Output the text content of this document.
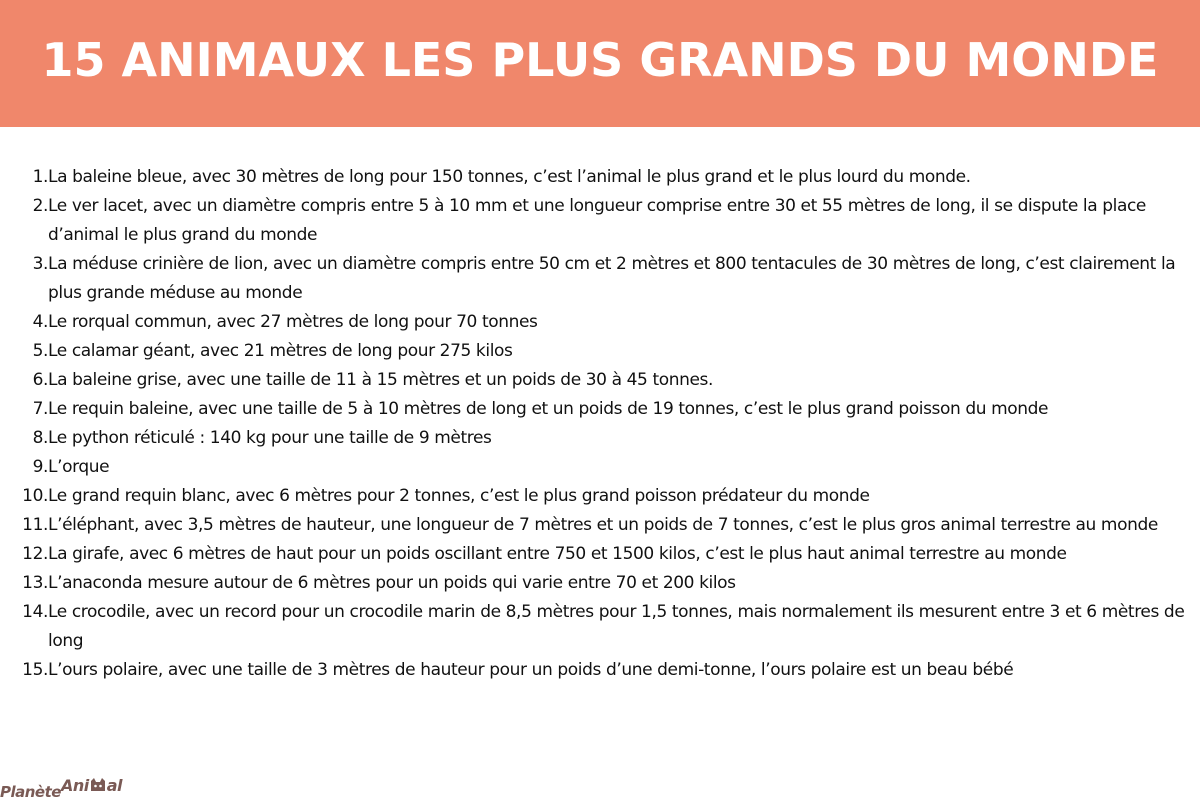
15 ANIMAUX LES PLUS GRANDS DU MONDE
1. La baleine bleue, avec 30 mètres de long pour 150 tonnes, c’est l’animal le plus grand et le plus lourd du monde.
2. Le ver lacet, avec un diamètre compris entre 5 à 10 mm et une longueur comprise entre 30 et 55 mètres de long, il se dispute la place d’animal le plus grand du monde
3. La méduse crinière de lion, avec un diamètre compris entre 50 cm et 2 mètres et 800 tentacules de 30 mètres de long, c’est clairement la plus grande méduse au monde
4. Le rorqual commun, avec 27 mètres de long pour 70 tonnes
5. Le calamar géant, avec 21 mètres de long pour 275 kilos
6. La baleine grise, avec une taille de 11 à 15 mètres et un poids de 30 à 45 tonnes.
7. Le requin baleine, avec une taille de 5 à 10 mètres de long et un poids de 19 tonnes, c’est le plus grand poisson du monde
8. Le python réticulé : 140 kg pour une taille de 9 mètres
9. L’orque
10. Le grand requin blanc, avec 6 mètres pour 2 tonnes, c’est le plus grand poisson prédateur du monde
11. L’éléphant, avec 3,5 mètres de hauteur, une longueur de 7 mètres et un poids de 7 tonnes, c’est le plus gros animal terrestre au monde
12. La girafe, avec 6 mètres de haut pour un poids oscillant entre 750 et 1500 kilos, c’est le plus haut animal terrestre au monde
13. L’anaconda mesure autour de 6 mètres pour un poids qui varie entre 70 et 200 kilos
14. Le crocodile, avec un record pour un crocodile marin de 8,5 mètres pour 1,5 tonnes, mais normalement ils mesurent entre 3 et 6 mètres de long
15. L’ours polaire, avec une taille de 3 mètres de hauteur pour un poids d’une demi-tonne, l’ours polaire est un beau bébé
Planète Ani al
